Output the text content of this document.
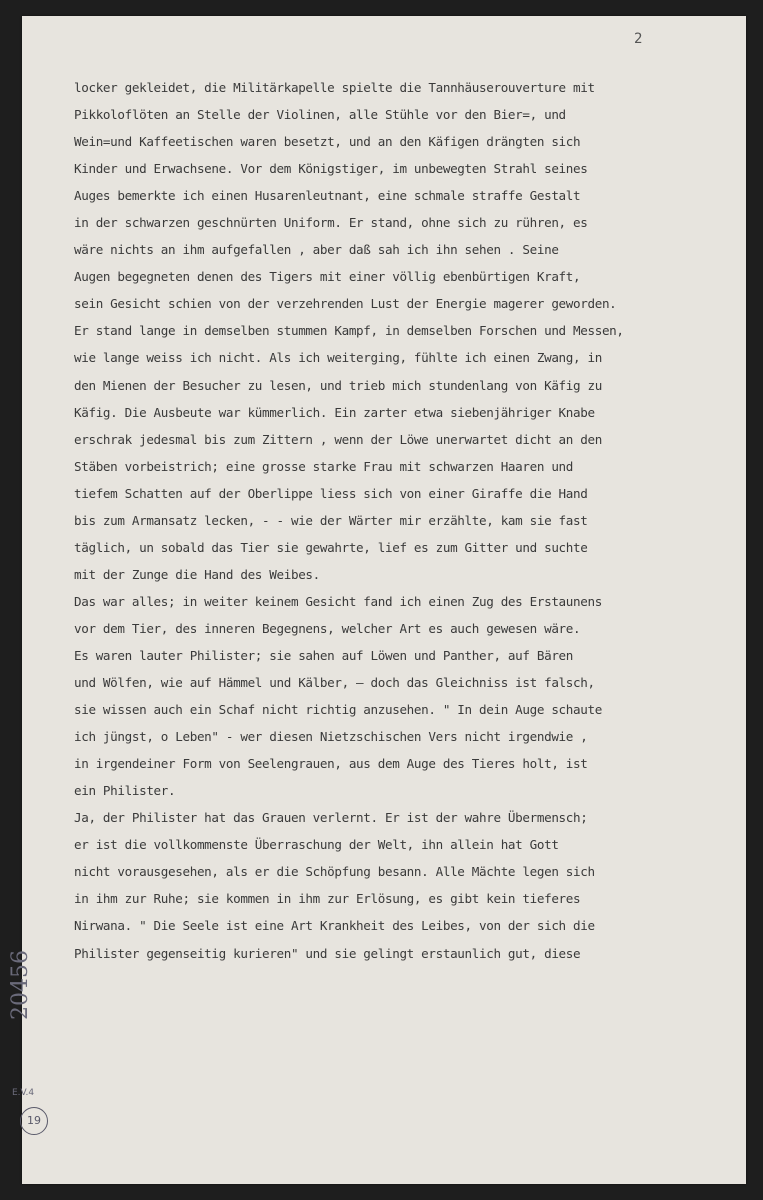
2
locker gekleidet, die Militärkapelle spielte die Tannhäuserouverture mit
Pikkoloflöten an Stelle der Violinen, alle Stühle vor den Bier=, und
Wein=und Kaffeetischen waren besetzt, und an den Käfigen drängten sich
Kinder und Erwachsene. Vor dem Königstiger, im unbewegten Strahl seines
Auges bemerkte ich einen Husarenleutnant, eine schmale straffe Gestalt
in der schwarzen geschnürten Uniform. Er stand, ohne sich zu rühren, es
wäre nichts an ihm aufgefallen , aber daß sah ich ihn sehen . Seine
Augen begegneten denen des Tigers mit einer völlig ebenbürtigen Kraft,
sein Gesicht schien von der verzehrenden Lust der Energie magerer geworden.
Er stand lange in demselben stummen Kampf, in demselben Forschen und Messen,
wie lange weiss ich nicht. Als ich weiterging, fühlte ich einen Zwang, in
den Mienen der Besucher zu lesen, und trieb mich stundenlang von Käfig zu
Käfig. Die Ausbeute war kümmerlich. Ein zarter etwa siebenjähriger Knabe
erschrak jedesmal bis zum Zittern , wenn der Löwe unerwartet dicht an den
Stäben vorbeistrich; eine grosse starke Frau mit schwarzen Haaren und
tiefem Schatten auf der Oberlippe liess sich von einer Giraffe die Hand
bis zum Armansatz lecken, - - wie der Wärter mir erzählte, kam sie fast
täglich, un sobald das Tier sie gewahrte, lief es zum Gitter und suchte
mit der Zunge die Hand des Weibes.
Das war alles; in weiter keinem Gesicht fand ich einen Zug des Erstaunens
vor dem Tier, des inneren Begegnens, welcher Art es auch gewesen wäre.
Es waren lauter Philister; sie sahen auf Löwen und Panther, auf Bären
und Wölfen, wie auf Hämmel und Kälber, — doch das Gleichniss ist falsch,
sie wissen auch ein Schaf nicht richtig anzusehen. " In dein Auge schaute
ich jüngst, o Leben" - wer diesen Nietzschischen Vers nicht irgendwie ,
in irgendeiner Form von Seelengrauen, aus dem Auge des Tieres holt, ist
ein Philister.
Ja, der Philister hat das Grauen verlernt. Er ist der wahre Übermensch;
er ist die vollkommenste Überraschung der Welt, ihn allein hat Gott
nicht vorausgesehen, als er die Schöpfung besann. Alle Mächte legen sich
in ihm zur Ruhe; sie kommen in ihm zur Erlösung, es gibt kein tieferes
Nirwana. " Die Seele ist eine Art Krankheit des Leibes, von der sich die
Philister gegenseitig kurieren" und sie gelingt erstaunlich gut, diese
20456
E.V.4
19
